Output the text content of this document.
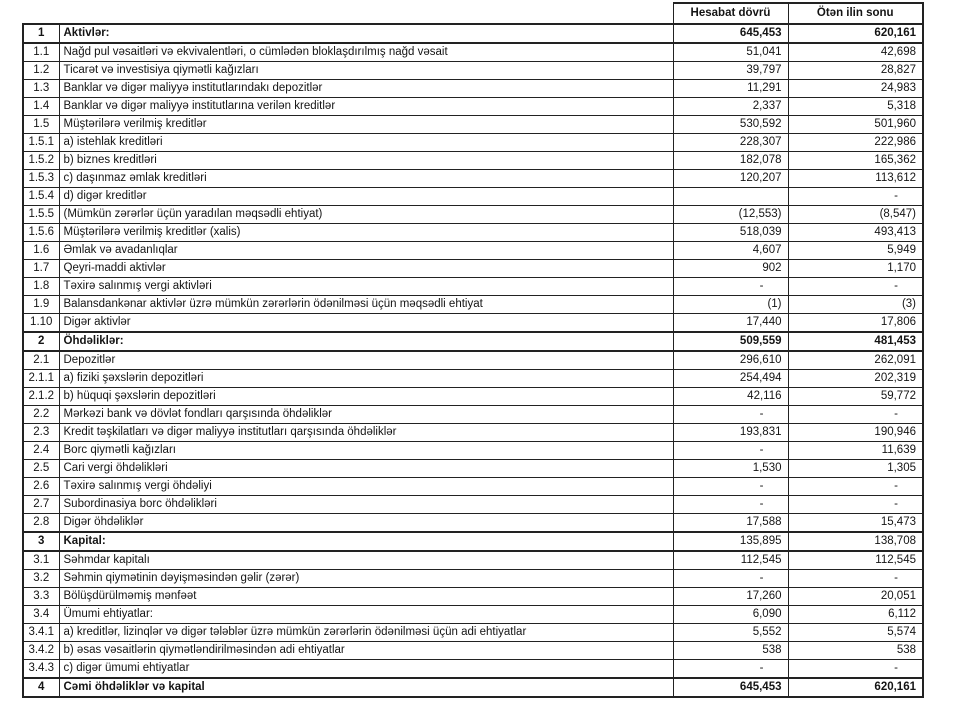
		Hesabat dövrü	Ötən ilin sonu
1	Aktivlər:	645,453	620,161
1.1	Nağd pul vəsaitləri və ekvivalentləri, o cümlədən bloklaşdırılmış nağd vəsait	51,041	42,698
1.2	Ticarət və investisiya qiymətli kağızları	39,797	28,827
1.3	Banklar və digər maliyyə institutlarındakı depozitlər	11,291	24,983
1.4	Banklar və digər maliyyə institutlarına verilən kreditlər	2,337	5,318
1.5	Müştərilərə verilmiş kreditlər	530,592	501,960
1.5.1	a) istehlak kreditləri	228,307	222,986
1.5.2	b) biznes kreditləri	182,078	165,362
1.5.3	c) daşınmaz əmlak kreditləri	120,207	113,612
1.5.4	d) digər kreditlər		-
1.5.5	(Mümkün zərərlər üçün yaradılan məqsədli ehtiyat)	(12,553)	(8,547)
1.5.6	Müştərilərə verilmiş kreditlər (xalis)	518,039	493,413
1.6	Əmlak və avadanlıqlar	4,607	5,949
1.7	Qeyri-maddi aktivlər	902	1,170
1.8	Təxirə salınmış vergi aktivləri	-	-
1.9	Balansdankənar aktivlər üzrə mümkün zərərlərin ödənilməsi üçün məqsədli ehtiyat	(1)	(3)
1.10	Digər aktivlər	17,440	17,806
2	Öhdəliklər:	509,559	481,453
2.1	Depozitlər	296,610	262,091
2.1.1	a) fiziki şəxslərin depozitləri	254,494	202,319
2.1.2	b) hüquqi şəxslərin depozitləri	42,116	59,772
2.2	Mərkəzi bank və dövlət fondları qarşısında öhdəliklər	-	-
2.3	Kredit təşkilatları və digər maliyyə institutları qarşısında öhdəliklər	193,831	190,946
2.4	Borc qiymətli kağızları	-	11,639
2.5	Cari vergi öhdəlikləri	1,530	1,305
2.6	Təxirə salınmış vergi öhdəliyi	-	-
2.7	Subordinasiya borc öhdəlikləri	-	-
2.8	Digər öhdəliklər	17,588	15,473
3	Kapital:	135,895	138,708
3.1	Səhmdar kapitalı	112,545	112,545
3.2	Səhmin qiymətinin dəyişməsindən gəlir (zərər)	-	-
3.3	Bölüşdürülməmiş mənfəət	17,260	20,051
3.4	Ümumi ehtiyatlar:	6,090	6,112
3.4.1	a) kreditlər, lizinqlər və digər tələblər üzrə mümkün zərərlərin ödənilməsi üçün adi ehtiyatlar	5,552	5,574
3.4.2	b) əsas vəsaitlərin qiymətləndirilməsindən adi ehtiyatlar	538	538
3.4.3	c) digər ümumi ehtiyatlar	-	-
4	Cəmi öhdəliklər və kapital	645,453	620,161
